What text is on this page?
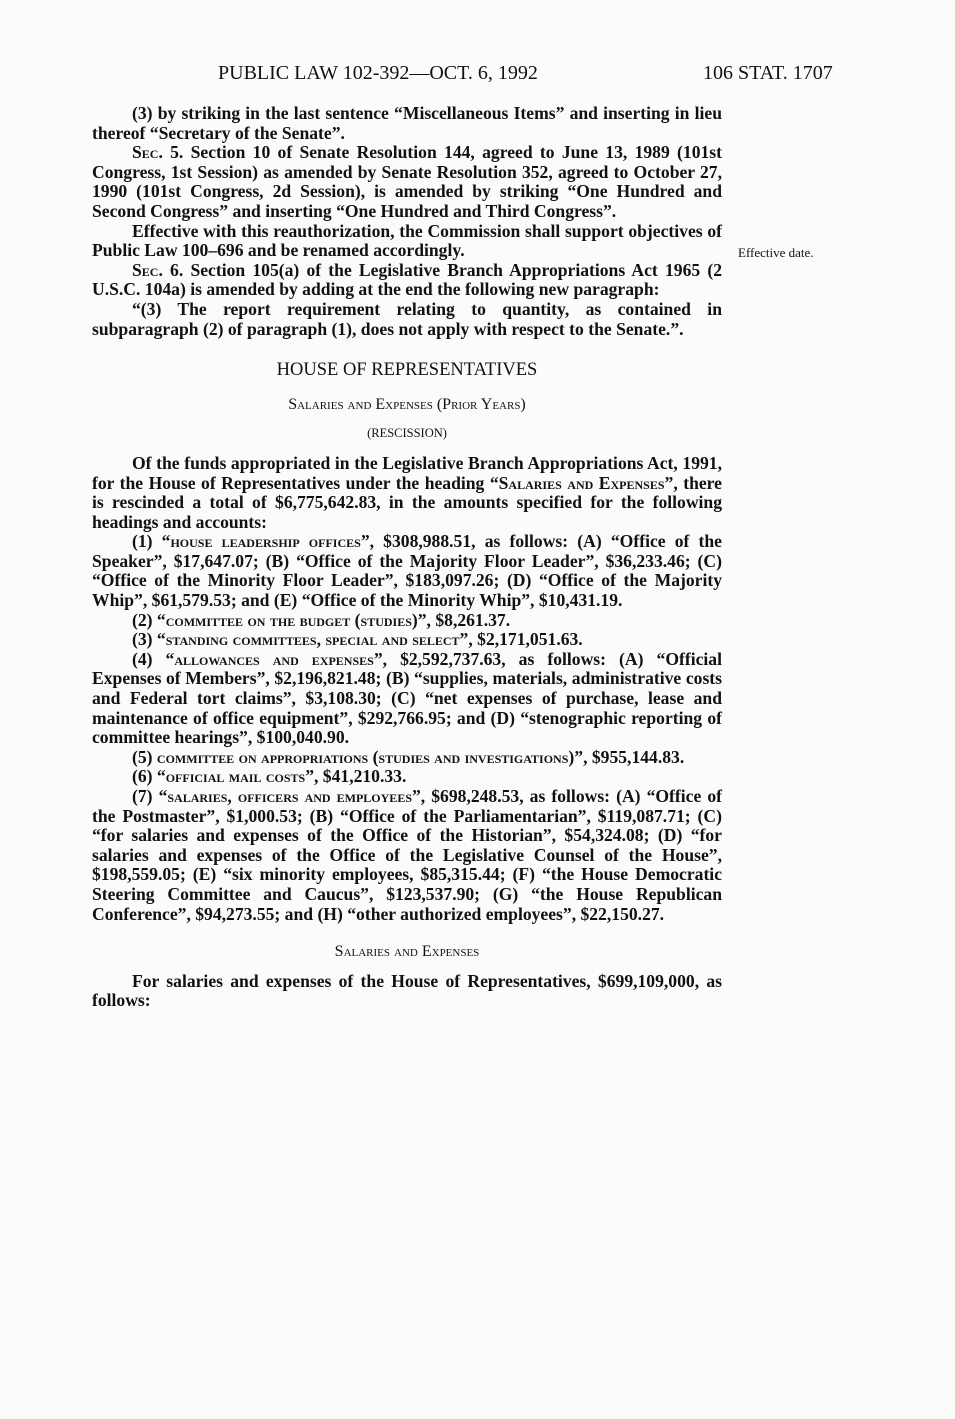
PUBLIC LAW 102-392—OCT. 6, 1992	106 STAT. 1707
Effective date.

(3) by striking in the last sentence “Miscellaneous Items” and inserting in lieu thereof “Secretary of the Senate”.

Sec. 5. Section 10 of Senate Resolution 144, agreed to June 13, 1989 (101st Congress, 1st Session) as amended by Senate Resolution 352, agreed to October 27, 1990 (101st Congress, 2d Session), is amended by striking “One Hundred and Second Congress” and inserting “One Hundred and Third Congress”.

Effective with this reauthorization, the Commission shall support objectives of Public Law 100–696 and be renamed accordingly.

Sec. 6. Section 105(a) of the Legislative Branch Appropriations Act 1965 (2 U.S.C. 104a) is amended by adding at the end the following new paragraph:

“(3) The report requirement relating to quantity, as contained in subparagraph (2) of paragraph (1), does not apply with respect to the Senate.”.

HOUSE OF REPRESENTATIVES

Salaries and Expenses (Prior Years)

(RESCISSION)

Of the funds appropriated in the Legislative Branch Appropriations Act, 1991, for the House of Representatives under the heading “Salaries and Expenses”, there is rescinded a total of $6,775,642.83, in the amounts specified for the following headings and accounts:

(1) “house leadership offices”, $308,988.51, as follows: (A) “Office of the Speaker”, $17,647.07; (B) “Office of the Majority Floor Leader”, $36,233.46; (C) “Office of the Minority Floor Leader”, $183,097.26; (D) “Office of the Majority Whip”, $61,579.53; and (E) “Office of the Minority Whip”, $10,431.19.

(2) “committee on the budget (studies)”, $8,261.37.

(3) “standing committees, special and select”, $2,171,051.63.

(4) “allowances and expenses”, $2,592,737.63, as follows: (A) “Official Expenses of Members”, $2,196,821.48; (B) “supplies, materials, administrative costs and Federal tort claims”, $3,108.30; (C) “net expenses of purchase, lease and maintenance of office equipment”, $292,766.95; and (D) “stenographic reporting of committee hearings”, $100,040.90.

(5) committee on appropriations (studies and investigations)”, $955,144.83.

(6) “official mail costs”, $41,210.33.

(7) “salaries, officers and employees”, $698,248.53, as follows: (A) “Office of the Postmaster”, $1,000.53; (B) “Office of the Parliamentarian”, $119,087.71; (C) “for salaries and expenses of the Office of the Historian”, $54,324.08; (D) “for salaries and expenses of the Office of the Legislative Counsel of the House”, $198,559.05; (E) “six minority employees, $85,315.44; (F) “the House Democratic Steering Committee and Caucus”, $123,537.90; (G) “the House Republican Conference”, $94,273.55; and (H) “other authorized employees”, $22,150.27.

Salaries and Expenses

For salaries and expenses of the House of Representatives, $699,109,000, as follows:
